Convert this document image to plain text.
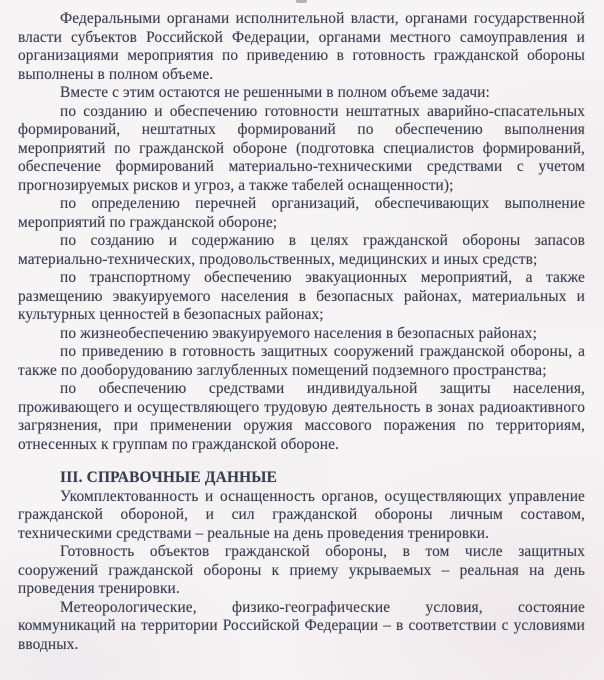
Федеральными органами исполнительной власти, органами государственной власти субъектов Российской Федерации, органами местного самоуправления и организациями мероприятия по приведению в готовность гражданской обороны выполнены в полном объеме.

Вместе с этим остаются не решенными в полном объеме задачи:

по созданию и обеспечению готовности нештатных аварийно-спасательных формирований, нештатных формирований по обеспечению выполнения мероприятий по гражданской обороне (подготовка специалистов формирований, обеспечение формирований материально-техническими средствами с учетом прогнозируемых рисков и угроз, а также табелей оснащенности);

по определению перечней организаций, обеспечивающих выполнение мероприятий по гражданской обороне;

по созданию и содержанию в целях гражданской обороны запасов материально-технических, продовольственных, медицинских и иных средств;

по транспортному обеспечению эвакуационных мероприятий, а также размещению эвакуируемого населения в безопасных районах, материальных и культурных ценностей в безопасных районах;

по жизнеобеспечению эвакуируемого населения в безопасных районах;

по приведению в готовность защитных сооружений гражданской обороны, а также по дооборудованию заглубленных помещений подземного пространства;

по обеспечению средствами индивидуальной защиты населения, проживающего и осуществляющего трудовую деятельность в зонах радиоактивного загрязнения, при применении оружия массового поражения по территориям, отнесенных к группам по гражданской обороне.

III. СПРАВОЧНЫЕ ДАННЫЕ

Укомплектованность и оснащенность органов, осуществляющих управление гражданской обороной, и сил гражданской обороны личным составом, техническими средствами – реальные на день проведения тренировки.

Готовность объектов гражданской обороны, в том числе защитных сооружений гражданской обороны к приему укрываемых – реальная на день проведения тренировки.

Метеорологические, физико-географические условия, состояние коммуникаций на территории Российской Федерации – в соответствии с условиями вводных.
